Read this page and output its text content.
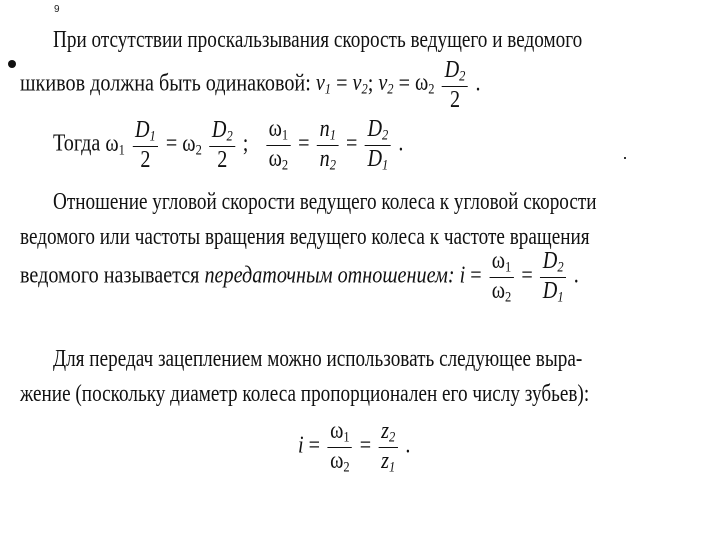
9
При отсутствии проскальзывания скорость ведущего и ведомого
шкивов должна быть одинаковой: $v_1 = v_2$; $v_2 = \omega_2 \frac{D_2}{2}$ .
Тогда $\omega_1 \frac{D_1}{2} = \omega_2 \frac{D_2}{2}$ ; $\frac{\omega_1}{\omega_2} = \frac{n_1}{n_2} = \frac{D_2}{D_1}$ .
Отношение угловой скорости ведущего колеса к угловой скорости
ведомого или частоты вращения ведущего колеса к частоте вращения
ведомого называется передаточным отношением: $i = \frac{\omega_1}{\omega_2} = \frac{D_2}{D_1}$ .
Для передач зацеплением можно использовать следующее выра-
жение (поскольку диаметр колеса пропорционален его числу зубьев):
$i = \frac{\omega_1}{\omega_2} = \frac{z_2}{z_1}$ .
